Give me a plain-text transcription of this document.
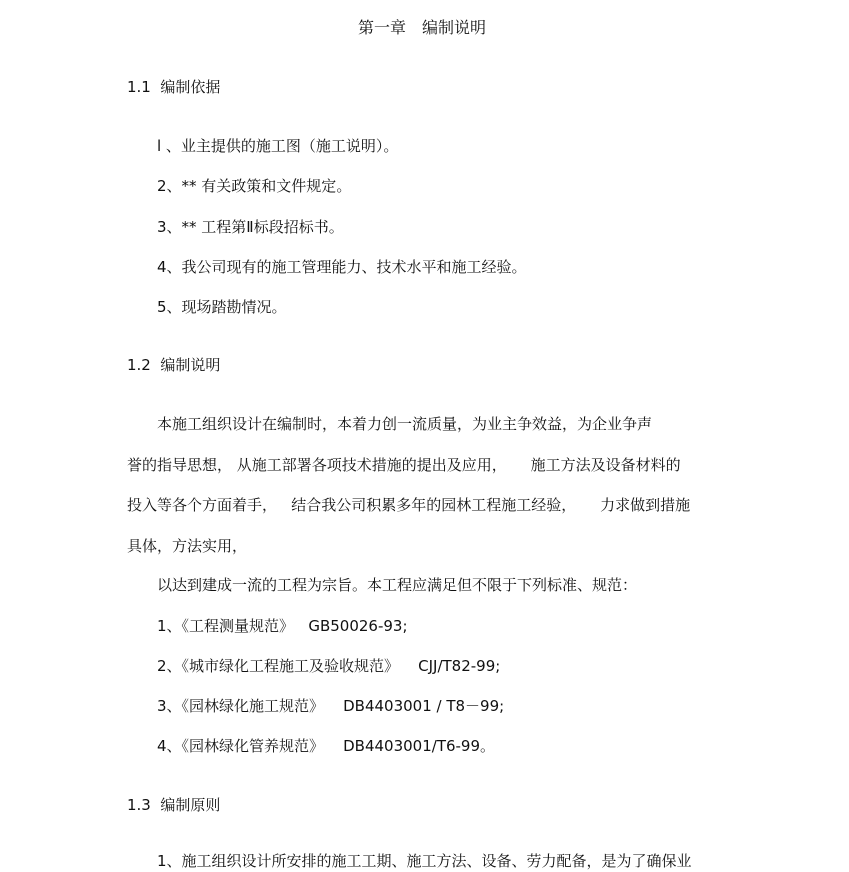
第一章　编制说明
1.1  编制依据
l 、业主提供的施工图（施工说明）。
2、** 有关政策和文件规定。
3、** 工程第Ⅱ标段招标书。
4、我公司现有的施工管理能力、技术水平和施工经验。
5、现场踏勘情况。
1.2  编制说明
本施工组织设计在编制时，本着力创一流质量，为业主争效益，为企业争声
誉的指导思想， 从施工部署各项技术措施的提出及应用，     施工方法及设备材料的
投入等各个方面着手，   结合我公司积累多年的园林工程施工经验，     力求做到措施
具体，方法实用，
以达到建成一流的工程为宗旨。本工程应满足但不限于下列标准、规范：
1、《工程测量规范》   GB50026-93;
2、《城市绿化工程施工及验收规范》    CJJ/T82-99;
3、《园林绿化施工规范》    DB4403001 / T8－99;
4、《园林绿化管养规范》    DB4403001/T6-99。
1.3  编制原则
1、施工组织设计所安排的施工工期、施工方法、设备、劳力配备，是为了确保业
